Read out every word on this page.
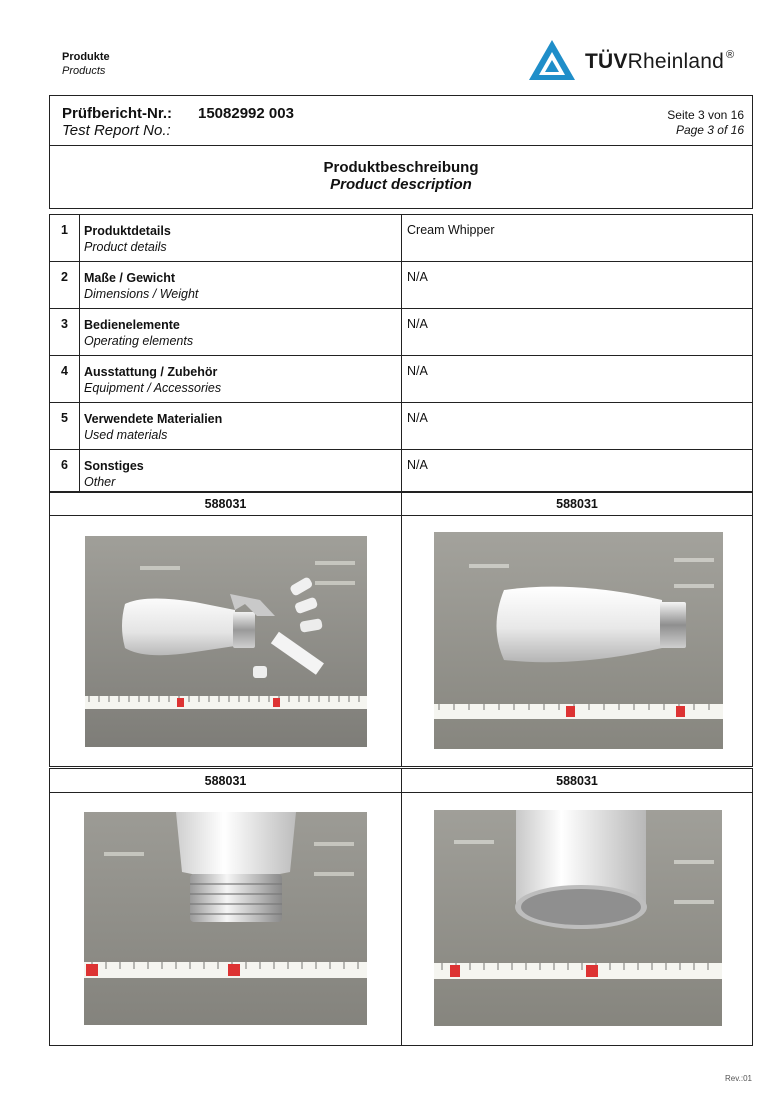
Produkte
Products	TÜVRheinland ®
Prüfbericht-Nr.:
Test Report No.:
15082992 003	Seite 3 von 16
Page 3 of 16
Produktbeschreibung
Product description
1	Produktdetails
Product details
Cream Whipper
2	Maße / Gewicht
Dimensions / Weight
N/A
3	Bedienelemente
Operating elements
N/A
4	Ausstattung / Zubehör
Equipment / Accessories
N/A
5	Verwendete Materialien
Used materials
N/A
6	Sonstiges
Other
N/A
588031	588031
588031	588031
Rev.:01
